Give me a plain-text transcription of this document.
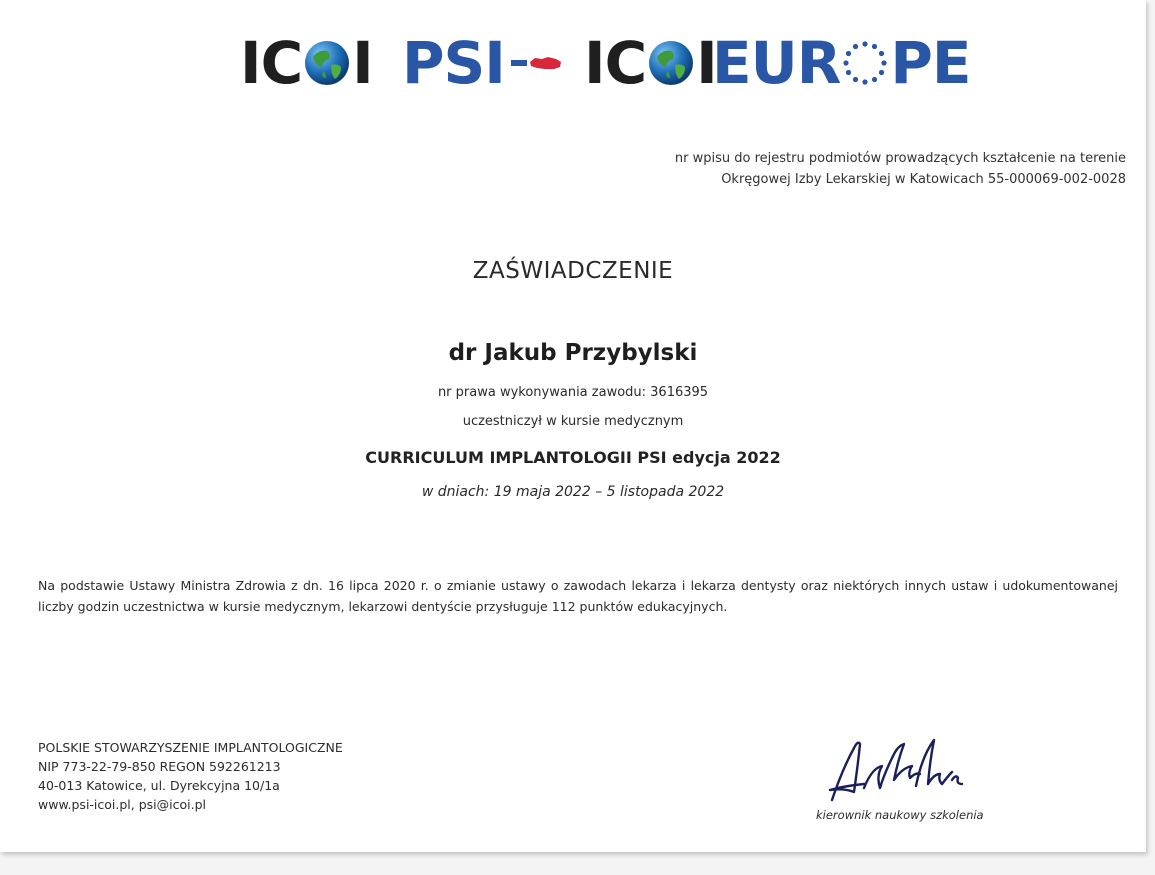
IC I PSI IC I
EUR PE
nr wpisu do rejestru podmiotów prowadzących kształcenie na terenie
Okręgowej Izby Lekarskiej w Katowicach 55-000069-002-0028
ZAŚWIADCZENIE
dr Jakub Przybylski
nr prawa wykonywania zawodu: 3616395
uczestniczył w kursie medycznym
CURRICULUM IMPLANTOLOGII PSI edycja 2022
w dniach: 19 maja 2022 – 5 listopada 2022
Na podstawie Ustawy Ministra Zdrowia z dn. 16 lipca 2020 r. o zmianie ustawy o zawodach lekarza i lekarza dentysty oraz niektórych innych ustaw i udokumentowanej liczby godzin uczestnictwa w kursie medycznym, lekarzowi dentyście przysługuje 112 punktów edukacyjnych.
POLSKIE STOWARZYSZENIE IMPLANTOLOGICZNE
NIP 773-22-79-850 REGON 592261213
40-013 Katowice, ul. Dyrekcyjna 10/1a
www.psi-icoi.pl, psi@icoi.pl
kierownik naukowy szkolenia
